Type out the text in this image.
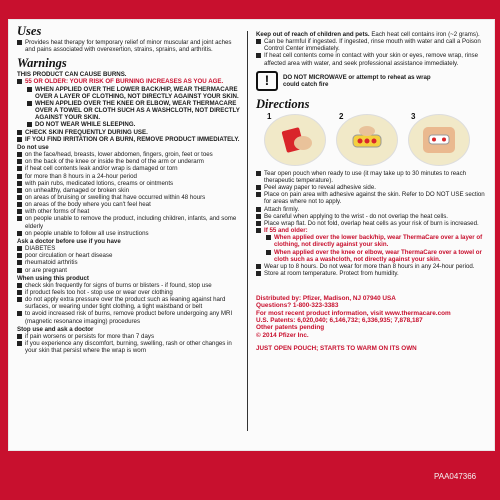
PAA047366
Uses
Provides heat therapy for temporary relief of minor muscular and joint aches and pains associated with overexertion, strains, sprains, and arthritis.
Warnings
THIS PRODUCT CAN CAUSE BURNS.
55 OR OLDER: YOUR RISK OF BURNING INCREASES AS YOU AGE.
WHEN APPLIED OVER THE LOWER BACK/HIP, WEAR THERMACARE OVER A LAYER OF CLOTHING, NOT DIRECTLY AGAINST YOUR SKIN.
WHEN APPLIED OVER THE KNEE OR ELBOW, WEAR THERMACARE OVER A TOWEL OR CLOTH SUCH AS A WASHCLOTH, NOT DIRECTLY AGAINST YOUR SKIN.
DO NOT WEAR WHILE SLEEPING.
CHECK SKIN FREQUENTLY DURING USE.
IF YOU FIND IRRITATION OR A BURN, REMOVE PRODUCT IMMEDIATELY.
Do not use
on the face/head, breasts, lower abdomen, fingers, groin, feet or toes
on the back of the knee or inside the bend of the arm or underarm
if heat cell contents leak and/or wrap is damaged or torn
for more than 8 hours in a 24-hour period
with pain rubs, medicated lotions, creams or ointments
on unhealthy, damaged or broken skin
on areas of bruising or swelling that have occurred within 48 hours
on areas of the body where you can't feel heat
with other forms of heat
on people unable to remove the product, including children, infants, and some elderly
on people unable to follow all use instructions
Ask a doctor before use if you have
DIABETES
poor circulation or heart disease
rheumatoid arthritis
or are pregnant
When using this product
check skin frequently for signs of burns or blisters - if found, stop use
if product feels too hot - stop use or wear over clothing
do not apply extra pressure over the product such as leaning against hard surfaces, or wearing under tight clothing, a tight waistband or belt
to avoid increased risk of burns, remove product before undergoing any MRI (magnetic resonance imaging) procedures
Stop use and ask a doctor
if pain worsens or persists for more than 7 days
if you experience any discomfort, burning, swelling, rash or other changes in your skin that persist where the wrap is worn
Keep out of reach of children and pets. Each heat cell contains iron (~2 grams).
Can be harmful if ingested. If ingested, rinse mouth with water and call a Poison Control Center immediately.
If heat cell contents come in contact with your skin or eyes, remove wrap, rinse affected area with water, and seek professional assistance immediately.
!	DO NOT MICROWAVE or attempt to reheat as wrap
could catch fire
Directions
1	2	3
Tear open pouch when ready to use (it may take up to 30 minutes to reach therapeutic temperature).
Peel away paper to reveal adhesive side.
Place on pain area with adhesive against the skin. Refer to DO NOT USE section for areas where not to apply.
Attach firmly.
Be careful when applying to the wrist - do not overlap the heat cells.
Place wrap flat. Do not fold, overlap heat cells as your risk of burn is increased.
If 55 and older:
When applied over the lower back/hip, wear ThermaCare over a layer of clothing, not directly against your skin.
When applied over the knee or elbow, wear ThermaCare over a towel or cloth such as a washcloth, not directly against your skin.
Wear up to 8 hours. Do not wear for more than 8 hours in any 24-hour period.
Store at room temperature. Protect from humidity.
Distributed by: Pfizer, Madison, NJ 07940 USA
Questions? 1-800-323-3383
For most recent product information, visit www.thermacare.com
U.S. Patents: 6,020,040; 6,146,732; 6,336,935; 7,878,187
Other patents pending
© 2014 Pfizer Inc.
JUST OPEN POUCH; STARTS TO WARM ON ITS OWN
